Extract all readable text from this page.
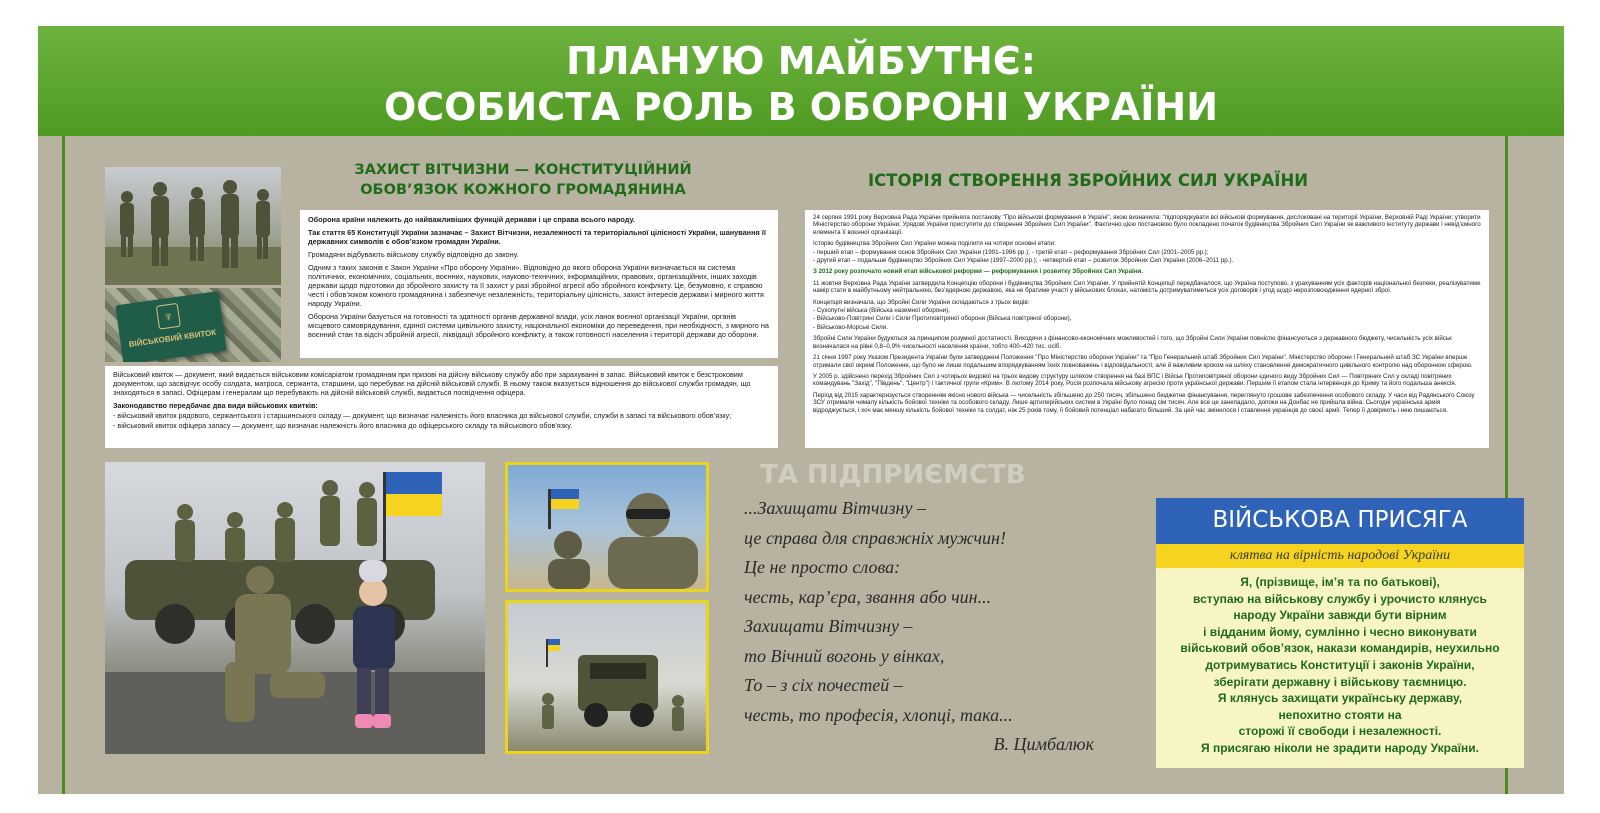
ПЛАНУЮ МАЙБУТНЄ:
ОСОБИСТА РОЛЬ В ОБОРОНІ УКРАЇНИ
ЗАХИСТ ВІТЧИЗНИ — КОНСТИТУЦІЙНИЙ
ОБОВ’ЯЗОК КОЖНОГО ГРОМАДЯНИНА
♆
ВІЙСЬКОВИЙ КВИТОК

Оборона країни належить до найважливіших функцій держави і це справа всього народу.

Так стаття 65 Конституції України зазначає – Захист Вітчизни, незалежності та територіальної цілісності України, шанування її державних символів є обов’язком громадян України.

Громадяни відбувають військову службу відповідно до закону.

Одним з таких законів є Закон України «Про оборону України». Відповідно до якого оборона України визначається як система політичних, економічних, соціальних, воєнних, наукових, науково-технічних, інформаційних, правових, організаційних, інших заходів держави щодо підготовки до збройного захисту та її захист у разі збройної агресії або збройного конфлікту. Це, безумовно, є справою честі і обов’язком кожного громадянина і забезпечує незалежність, територіальну цілісність, захист інтересів держави і мирного життя народу України.

Оборона України базується на готовності та здатності органів державної влади, усіх ланок воєнної організації України, органів місцевого самоврядування, єдиної системи цивільного захисту, національної економіки до переведення, при необхідності, з мирного на воєнний стан та відсіч збройній агресії, ліквідації збройного конфлікту, а також готовності населення і території держави до оборони.

Військовий квиток — документ, який видається військовим комісаріатом громадянам при призові на дійсну військову службу або при зарахуванні в запас. Військовий квиток є безстроковим документом, що засвідчує особу солдата, матроса, сержанта, старшини, що перебуває на дійсній військовій службі. В ньому також вказується відношення до військової служби громадян, що знаходяться в запасі. Офіцерам і генералам що перебувають на дійсній військовій службі, видається посвідчення офіцера.

Законодавство передбачає два види військових квитків:

- військовий квиток рядового, сержантського і старшинського складу — документ, що визначає належність його власника до військової служби, служби в запасі та військового обов’язку;

- військовий квиток офіцера запасу — документ, що визначає належність його власника до офіцерського складу та військового обов’язку.

ІСТОРІЯ СТВОРЕННЯ ЗБРОЙНИХ СИЛ УКРАЇНИ

24 серпня 1991 року Верховна Рада України прийняла постанову "Про військові формування в Україні", якою визначила: "підпорядкувати всі військові формування, дислоковані на території України, Верховній Раді України; утворити Міністерство оборони України; Урядові України приступити до створення Збройних Сил України". Фактично цією постановою було покладено початок будівництва Збройних Сил України як важливого інституту держави і невід’ємного елемента її воєнної організації.

Історію будівництва Збройних Сил України можна поділити на чотири основні етапи:

- перший етап – формування основ Збройних Сил України (1991–1996 рр.); - третій етап – реформування Збройних Сил (2001–2005 рр.);

- другий етап – подальше будівництво Збройних Сил України (1997–2000 рр.); - четвертий етап – розвиток Збройних Сил України (2006–2011 рр.).

З 2012 року розпочато новий етап військової реформи — реформування і розвитку Збройних Сил України.

11 жовтня Верховна Рада України затвердила Концепцію оборони і будівництва Збройних Сил України. У прийнятій Концепції передбачалося, що Україна поступово, з урахуванням усіх факторів національної безпеки, реалізуватиме намір стати в майбутньому нейтральною, без’ядерною державою, яка не братиме участі у військових блоках, натомість дотримуватиметься усіх договорів і угод щодо нерозповсюдження ядерної зброї.

Концепція визначала, що Збройні Сили України складаються з трьох видів:

- Сухопутні війська (Війська наземної оборони),

- Військово-Повітряні Сили і Сили Протиповітряної оборони (Війська повітряної оборони),

- Військово-Морські Сили.

Збройні Сили України будуються за принципом розумної достатності. Виходячи з фінансово-економічних можливостей і того, що Збройні Сили України повністю фінансуються з державного бюджету, чисельність усіх військ визначалася на рівні 0,8–0,9% чисельності населення країни, тобто 400–420 тис. осіб.

21 січня 1997 року Указом Президента України були затверджені Положення "Про Міністерство оборони України" та "Про Генеральний штаб Збройних Сил України". Міністерство оборони і Генеральний штаб ЗС України вперше отримали свої окремі Положення, що було не лише подальшим впорядкуванням їхніх повноважень і відповідальності, але й важливим кроком на шляху становлення демократичного цивільного контролю над оборонною сферою.

У 2005 р. здійснено перехід Збройних Сил з чотирьох видової на трьох видову структуру шляхом створення на базі ВПС і Військ Протиповітряної оборони єдиного виду Збройних Сил — Повітряних Сил у складі повітряних командувань "Захід", "Південь", "Центр") і тактичної групи «Крим». В лютому 2014 року, Росія розпочала військову агресію проти української держави. Першим її етапом стала інтервенція до Криму та його подальша анексія.

Період від 2015 характеризується створенням якісно нового війська — чисельність збільшено до 250 тисяч, збільшено бюджетне фінансування, переглянуто грошове забезпечення особового складу. У часи від Радянського Союзу ЗСУ отримали чималу кількість бойової техніки та особового складу. Лише артилерійських систем в Україні було понад сім тисяч. Але все це занепадало, допоки на Донбас не прийшла війна. Сьогодні українська армія відроджується, і хоч має меншу кількість бойової техніки та солдат, ніж 25 років тому, її бойовий потенціал набагато більший. За цей час змінилося і ставлення українців до своєї армії. Тепер її довіряють і нею пишаються.

...Захищати Вітчизну –
це справа для справжніх мужчин!
Це не просто слова:
честь, кар’єра, звання або чин...
Захищати Вітчизну –
то Вічний вогонь у вінках,
То – з сіх почестей –
честь, то професія, хлопці, така...
В. Цимбалюк
ВІЙСЬКОВА ПРИСЯГА
клятва на вірність народові України
Я, (прізвище, ім’я та по батькові),
вступаю на військову службу і урочисто клянусь
народу України завжди бути вірним
і відданим йому, сумлінно і чесно виконувати
військовий обов’язок, накази командирів, неухильно
дотримуватись Конституції і законів України,
зберігати державну і військову таємницю.
Я клянусь захищати українську державу,
непохитно стояти на
сторожі її свободи і незалежності.
Я присягаю ніколи не зрадити народу України.
ТА ПІДПРИЄМСТВ
